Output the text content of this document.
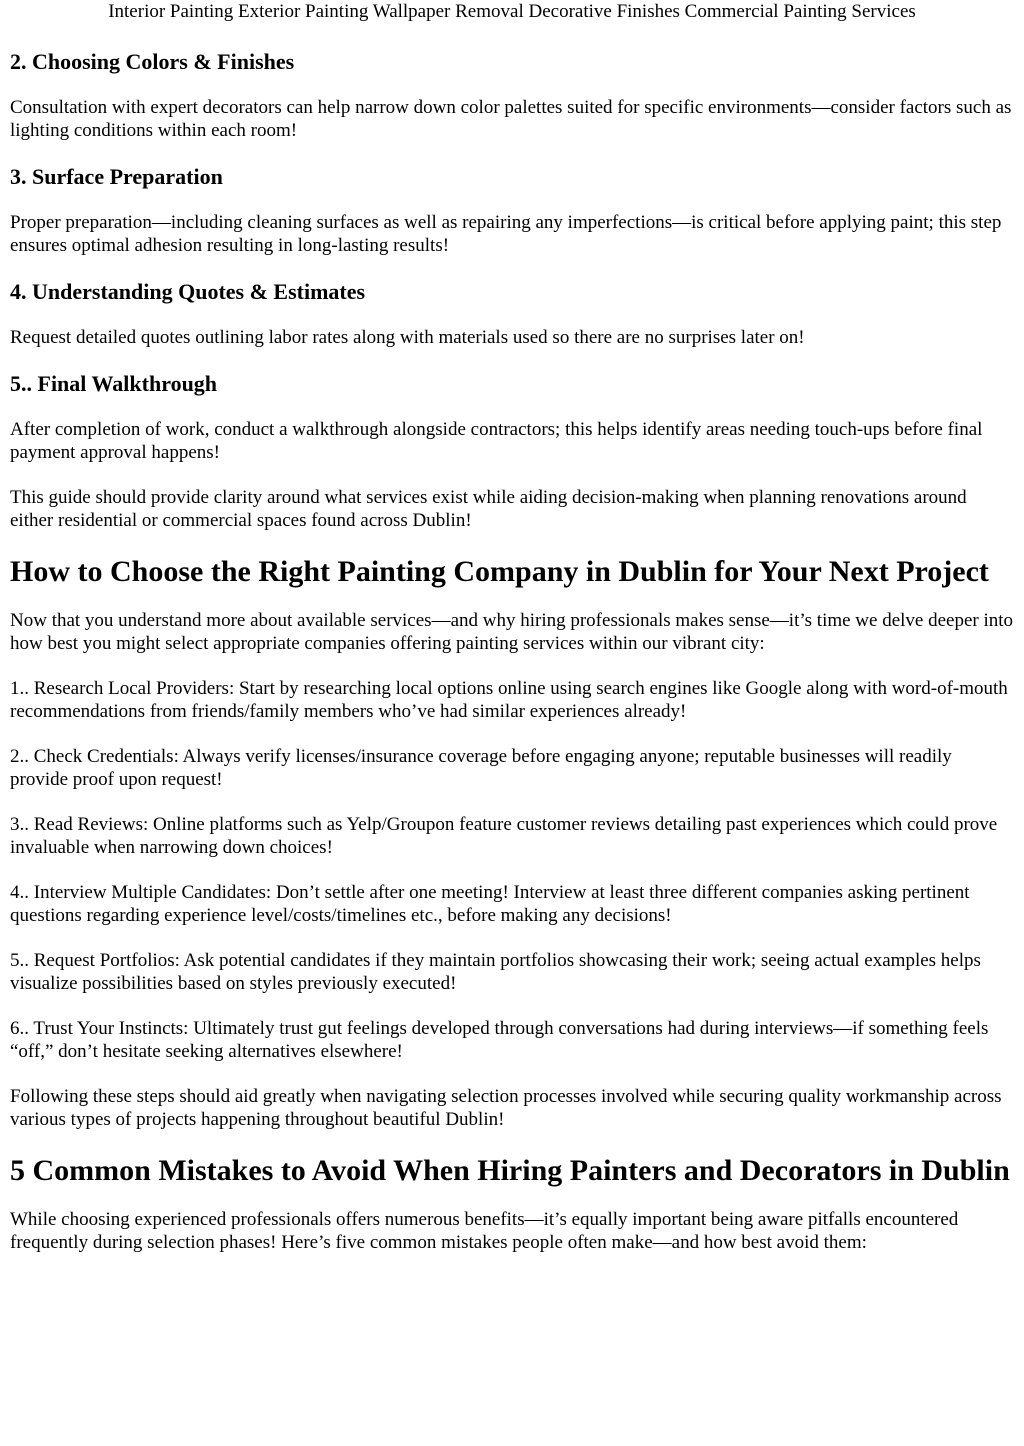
Interior Painting Exterior Painting Wallpaper Removal Decorative Finishes Commercial Painting Services
2. Choosing Colors & Finishes

Consultation with expert decorators can help narrow down color palettes suited for specific environments—consider factors such as lighting conditions within each room!

3. Surface Preparation

Proper preparation—including cleaning surfaces as well as repairing any imperfections—is critical before applying paint; this step ensures optimal adhesion resulting in long-lasting results!

4. Understanding Quotes & Estimates

Request detailed quotes outlining labor rates along with materials used so there are no surprises later on!

5.. Final Walkthrough

After completion of work, conduct a walkthrough alongside contractors; this helps identify areas needing touch-ups before final payment approval happens!

This guide should provide clarity around what services exist while aiding decision-making when planning renovations around either residential or commercial spaces found across Dublin!

How to Choose the Right Painting Company in Dublin for Your Next Project

Now that you understand more about available services—and why hiring professionals makes sense—it’s time we delve deeper into how best you might select appropriate companies offering painting services within our vibrant city:

1.. Research Local Providers: Start by researching local options online using search engines like Google along with word-of-mouth recommendations from friends/family members who’ve had similar experiences already!

2.. Check Credentials: Always verify licenses/insurance coverage before engaging anyone; reputable businesses will readily provide proof upon request!

3.. Read Reviews: Online platforms such as Yelp/Groupon feature customer reviews detailing past experiences which could prove invaluable when narrowing down choices!

4.. Interview Multiple Candidates: Don’t settle after one meeting! Interview at least three different companies asking pertinent questions regarding experience level/costs/timelines etc., before making any decisions!

5.. Request Portfolios: Ask potential candidates if they maintain portfolios showcasing their work; seeing actual examples helps visualize possibilities based on styles previously executed!

6.. Trust Your Instincts: Ultimately trust gut feelings developed through conversations had during interviews—if something feels “off,” don’t hesitate seeking alternatives elsewhere!

Following these steps should aid greatly when navigating selection processes involved while securing quality workmanship across various types of projects happening throughout beautiful Dublin!

5 Common Mistakes to Avoid When Hiring Painters and Decorators in Dublin

While choosing experienced professionals offers numerous benefits—it’s equally important being aware pitfalls encountered frequently during selection phases! Here’s five common mistakes people often make—and how best avoid them:
